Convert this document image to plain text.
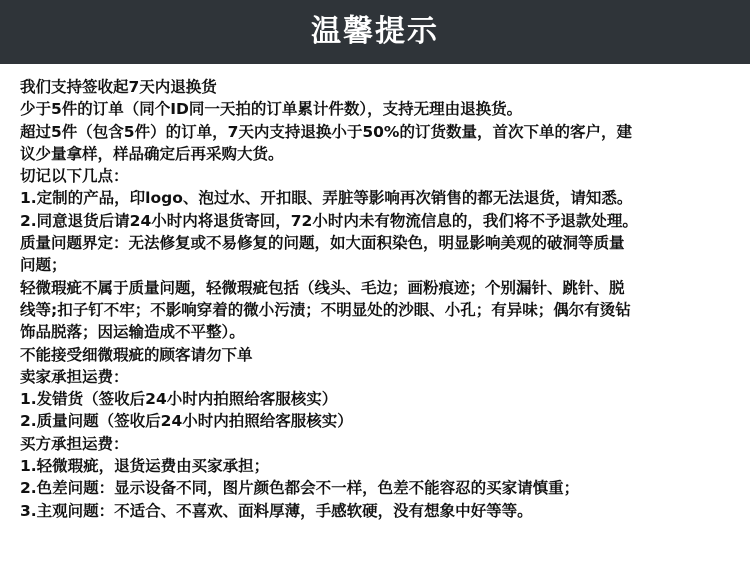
温馨提示
我们支持签收起7天内退换货
少于5件的订单（同个ID同一天拍的订单累计件数），支持无理由退换货。
超过5件（包含5件）的订单，7天内支持退换小于50%的订货数量，首次下单的客户，建
议少量拿样，样品确定后再采购大货。
切记以下几点：
1.定制的产品，印logo、泡过水、开扣眼、弄脏等影响再次销售的都无法退货，请知悉。
2.同意退货后请24小时内将退货寄回，72小时内未有物流信息的，我们将不予退款处理。
质量问题界定：无法修复或不易修复的问题，如大面积染色，明显影响美观的破洞等质量
问题；
轻微瑕疵不属于质量问题，轻微瑕疵包括（线头、毛边；画粉痕迹；个别漏针、跳针、脱
线等;扣子钉不牢；不影响穿着的微小污渍；不明显处的沙眼、小孔；有异味；偶尔有烫钻
饰品脱落；因运输造成不平整）。
不能接受细微瑕疵的顾客请勿下单
卖家承担运费：
1.发错货（签收后24小时内拍照给客服核实）
2.质量问题（签收后24小时内拍照给客服核实）
买方承担运费：
1.轻微瑕疵，退货运费由买家承担；
2.色差问题：显示设备不同，图片颜色都会不一样，色差不能容忍的买家请慎重；
3.主观问题：不适合、不喜欢、面料厚薄，手感软硬，没有想象中好等等。
